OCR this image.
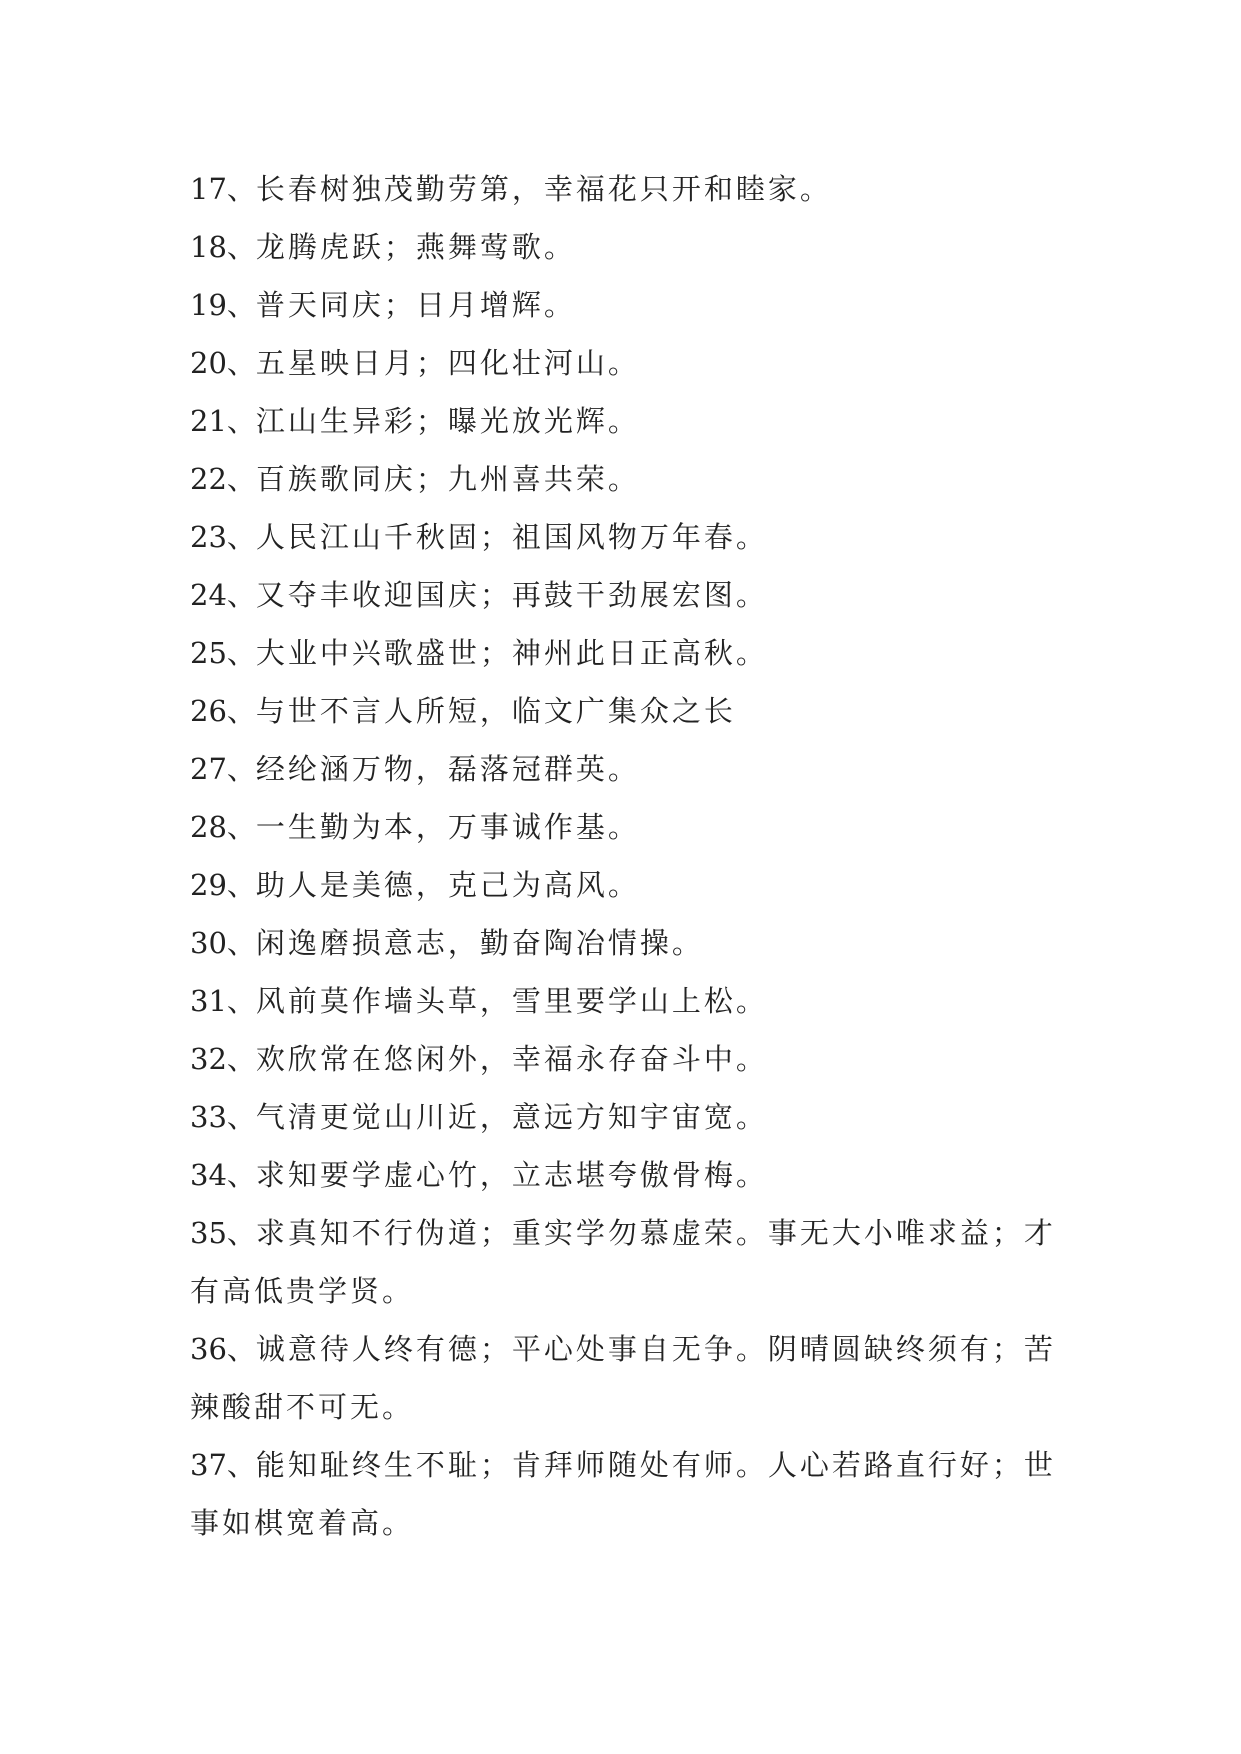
17、长春树独茂勤劳第，幸福花只开和睦家。

18、龙腾虎跃；燕舞莺歌。

19、普天同庆；日月增辉。

20、五星映日月；四化壮河山。

21、江山生异彩；曝光放光辉。

22、百族歌同庆；九州喜共荣。

23、人民江山千秋固；祖国风物万年春。

24、又夺丰收迎国庆；再鼓干劲展宏图。

25、大业中兴歌盛世；神州此日正高秋。

26、与世不言人所短，临文广集众之长

27、经纶涵万物，磊落冠群英。

28、一生勤为本，万事诚作基。

29、助人是美德，克己为高风。

30、闲逸磨损意志，勤奋陶冶情操。

31、风前莫作墙头草，雪里要学山上松。

32、欢欣常在悠闲外，幸福永存奋斗中。

33、气清更觉山川近，意远方知宇宙宽。

34、求知要学虚心竹，立志堪夸傲骨梅。

35、求真知不行伪道；重实学勿慕虚荣。事无大小唯求益；才有高低贵学贤。

36、诚意待人终有德；平心处事自无争。阴晴圆缺终须有；苦辣酸甜不可无。

37、能知耻终生不耻；肯拜师随处有师。人心若路直行好；世事如棋宽着高。
